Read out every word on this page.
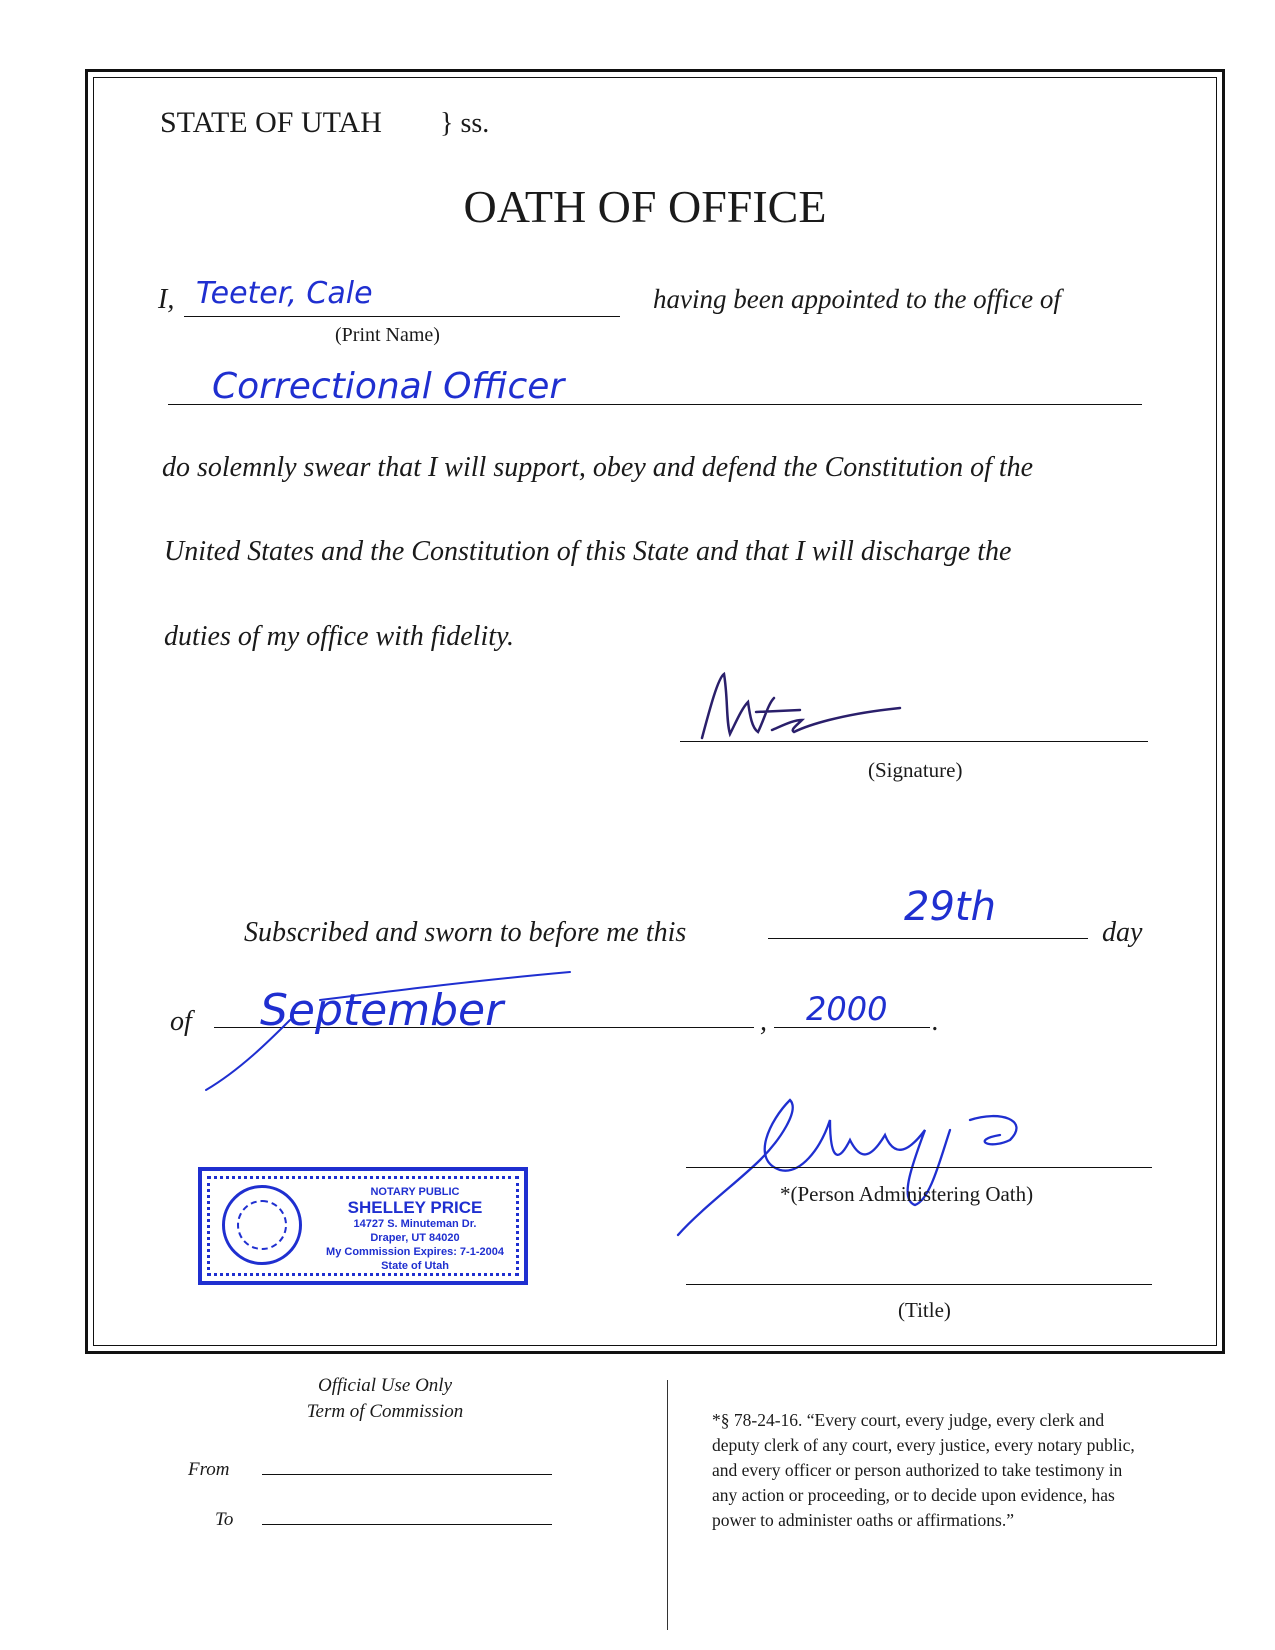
STATE OF UTAH } ss.
OATH OF OFFICE
I, Teeter, Cale
(Print Name)
having been appointed to the office of
Correctional Officer
do solemnly swear that I will support, obey and defend the Constitution of the
United States and the Constitution of this State and that I will discharge the
duties of my office with fidelity.
(Signature)
Subscribed and sworn to before me this
29th
day
of September	, 2000 .
NOTARY PUBLIC
SHELLEY PRICE
14727 S. Minuteman Dr.
Draper, UT 84020
My Commission Expires: 7-1-2004
State of Utah
*(Person Administering Oath)
(Title)
Official Use Only
Term of Commission
From
To
*§ 78-24-16. “Every court, every judge, every clerk and
deputy clerk of any court, every justice, every notary public,
and every officer or person authorized to take testimony in
any action or proceeding, or to decide upon evidence, has
power to administer oaths or affirmations.”
